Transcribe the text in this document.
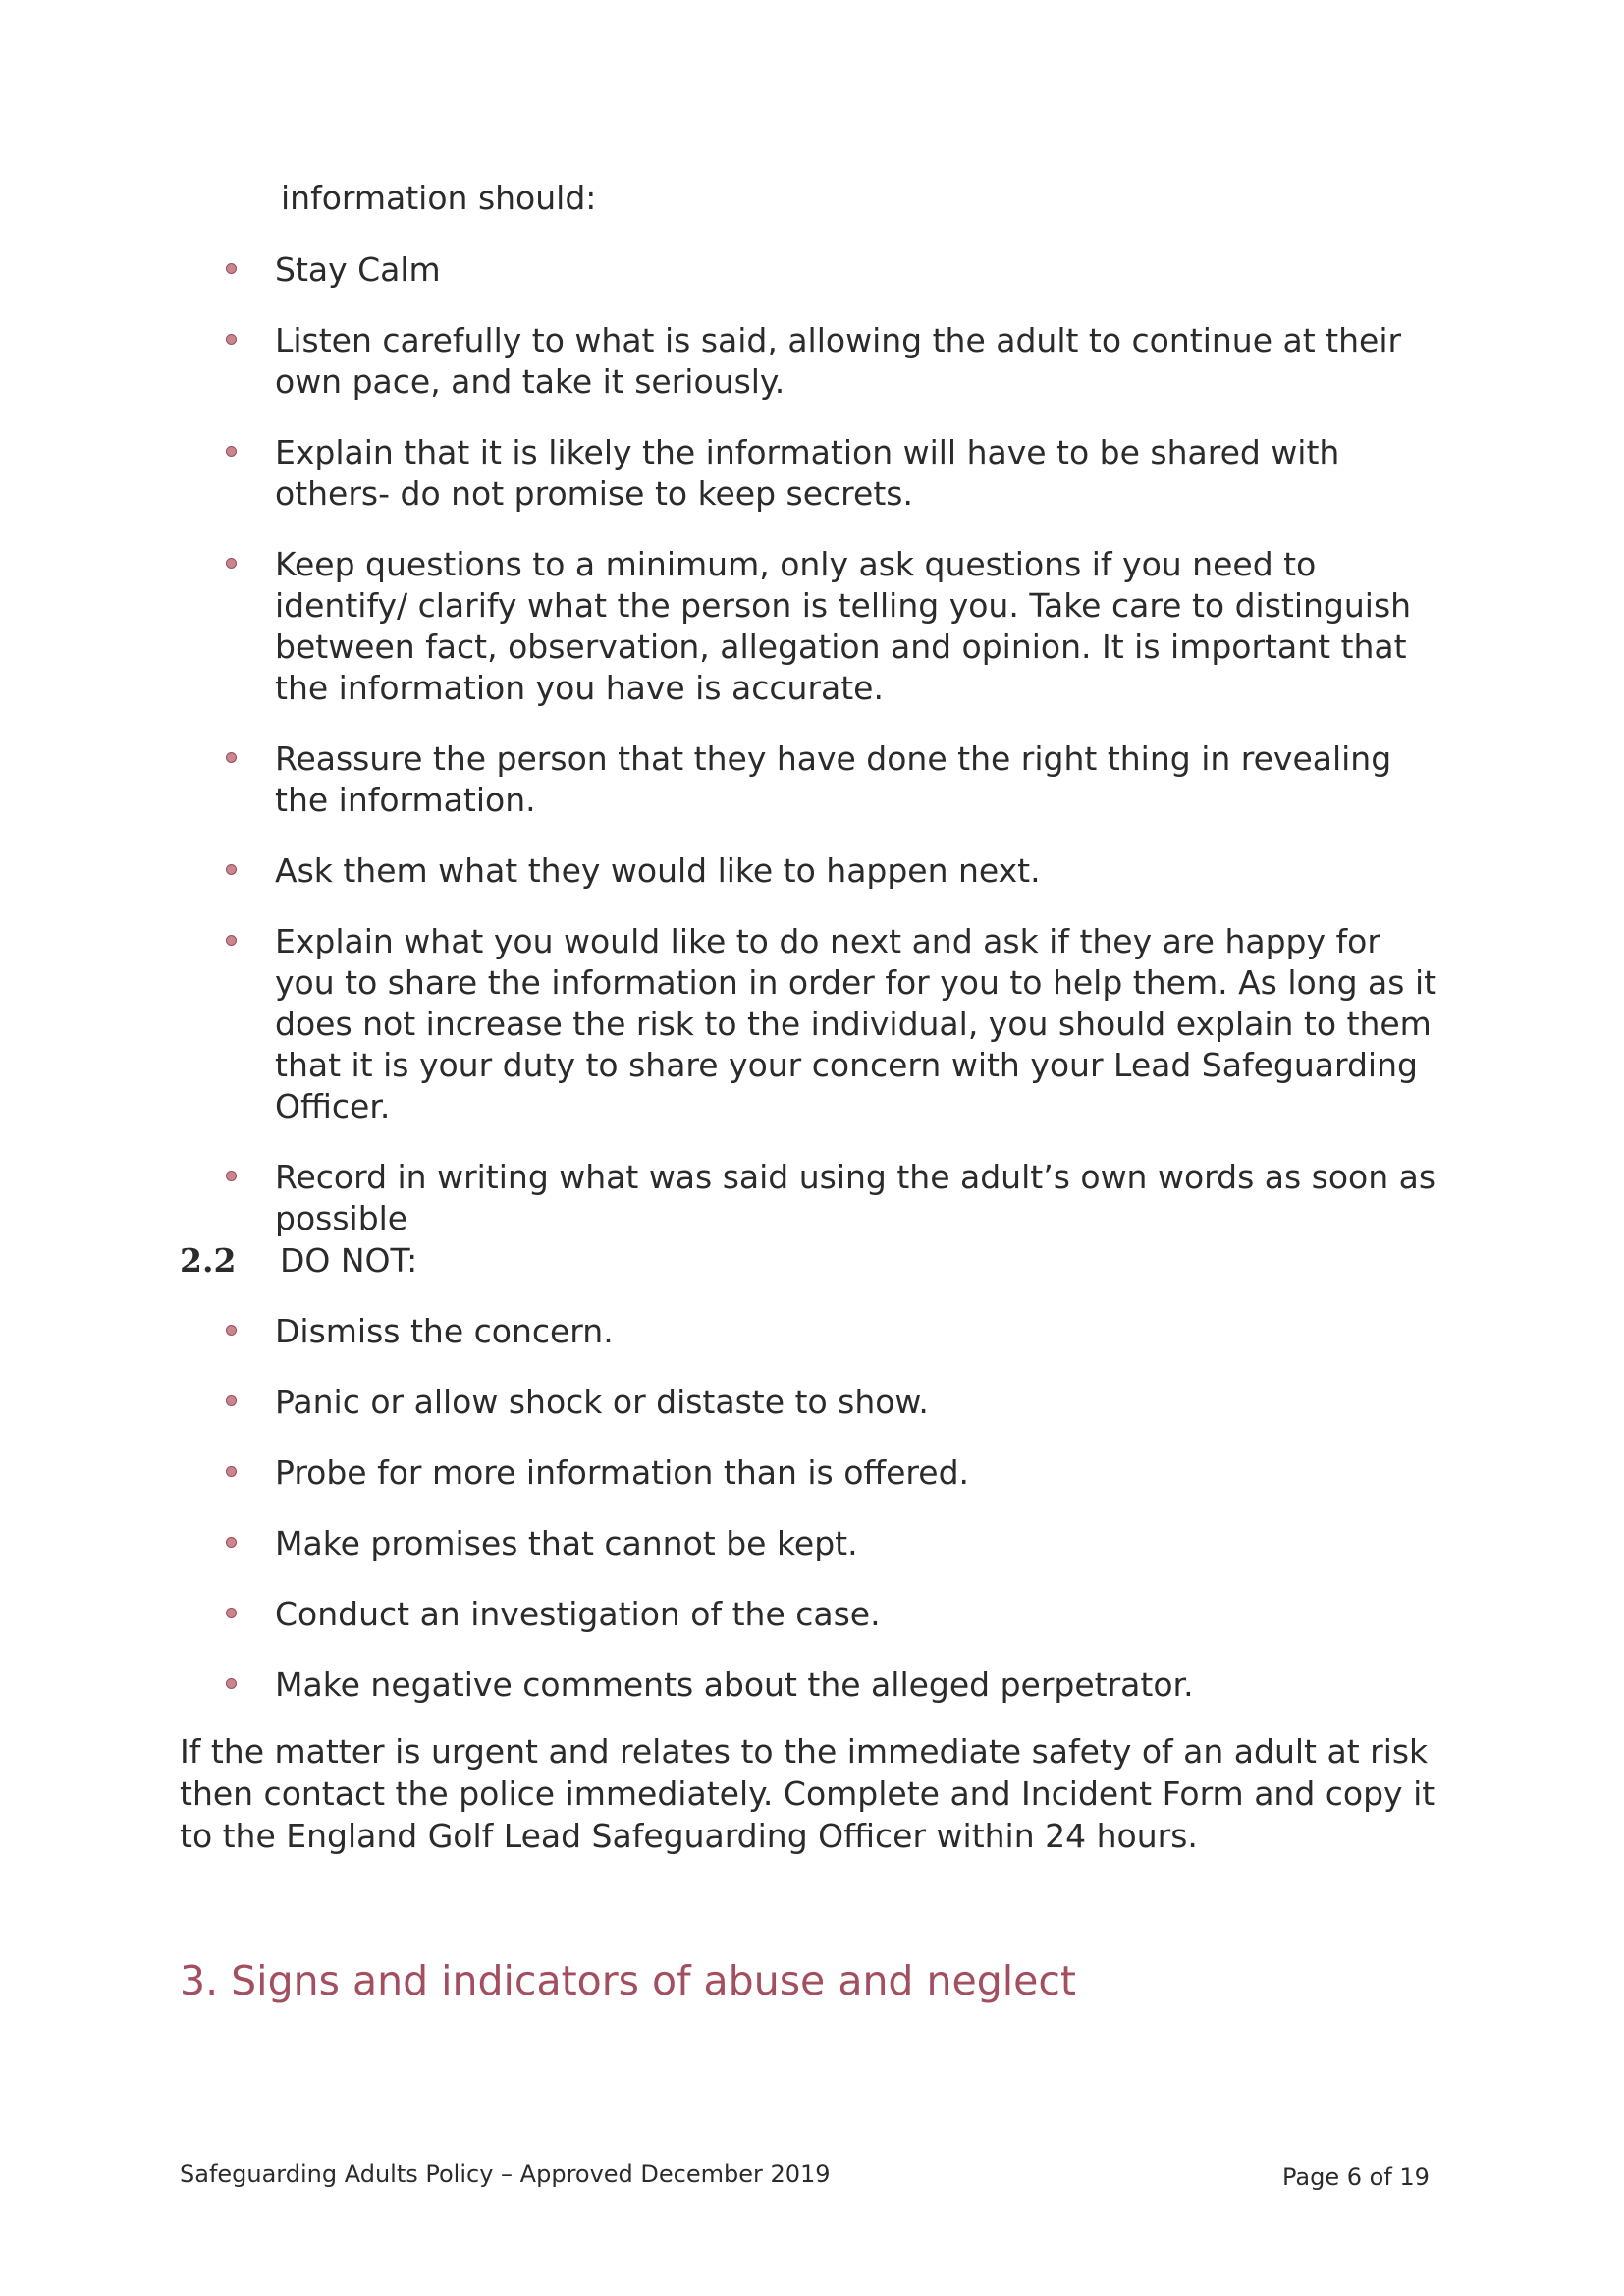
information should:

Stay Calm
Listen carefully to what is said, allowing the adult to continue at their own pace, and take it seriously.
Explain that it is likely the information will have to be shared with others- do not promise to keep secrets.
Keep questions to a minimum, only ask questions if you need to identify/ clarify what the person is telling you. Take care to distinguish between fact, observation, allegation and opinion. It is important that the information you have is accurate.
Reassure the person that they have done the right thing in revealing the information.
Ask them what they would like to happen next.
Explain what you would like to do next and ask if they are happy for you to share the information in order for you to help them. As long as it does not increase the risk to the individual, you should explain to them that it is your duty to share your concern with your Lead Safeguarding Officer.
Record in writing what was said using the adult’s own words as soon as possible

2.2 DO NOT:

Dismiss the concern.
Panic or allow shock or distaste to show.
Probe for more information than is offered.
Make promises that cannot be kept.
Conduct an investigation of the case.
Make negative comments about the alleged perpetrator.

If the matter is urgent and relates to the immediate safety of an adult at risk then contact the police immediately. Complete and Incident Form and copy it to the England Golf Lead Safeguarding Officer within 24 hours.

3. Signs and indicators of abuse and neglect
Safeguarding Adults Policy – Approved December 2019	Page 6 of 19
